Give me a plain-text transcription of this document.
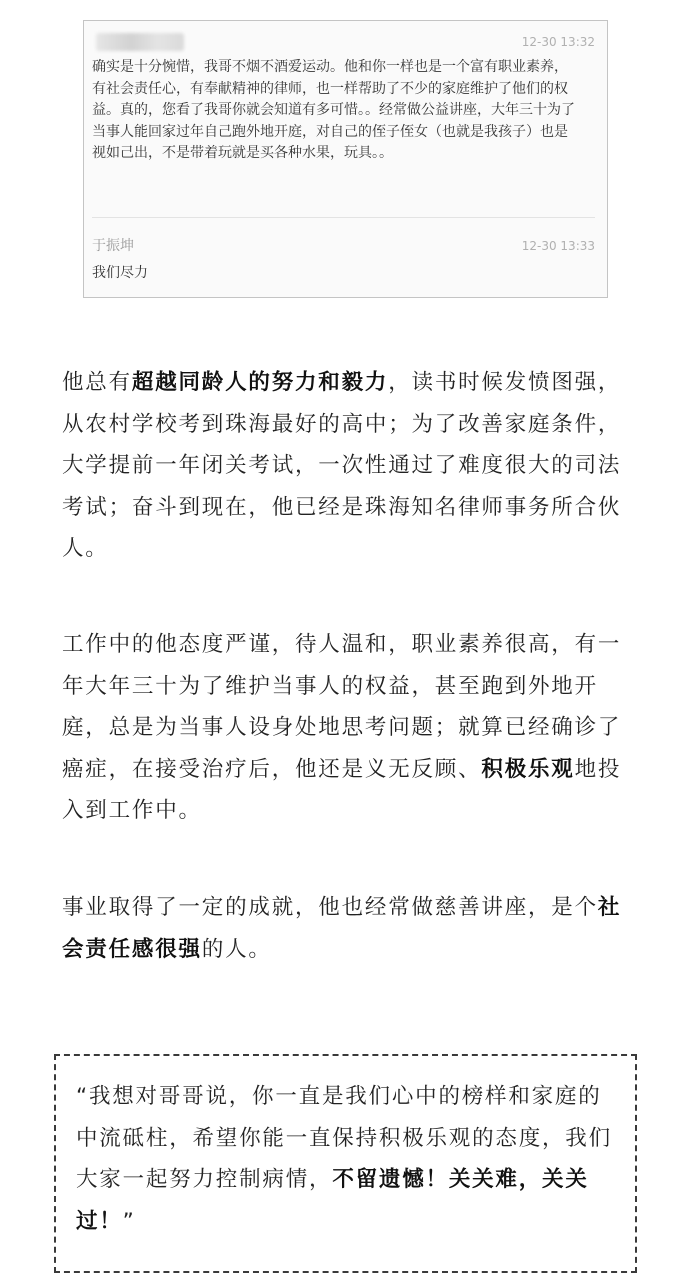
12-30 13:32
确实是十分惋惜，我哥不烟不酒爱运动。他和你一样也是一个富有职业素养，有社会责任心，有奉献精神的律师，也一样帮助了不少的家庭维护了他们的权益。真的，您看了我哥你就会知道有多可惜。。经常做公益讲座，大年三十为了当事人能回家过年自己跑外地开庭，对自己的侄子侄女（也就是我孩子）也是视如己出，不是带着玩就是买各种水果，玩具。。
于振坤	12-30 13:33
我们尽力

他总有超越同龄人的努力和毅力，读书时候发愤图强，从农村学校考到珠海最好的高中；为了改善家庭条件，大学提前一年闭关考试，一次性通过了难度很大的司法考试；奋斗到现在，他已经是珠海知名律师事务所合伙人。

工作中的他态度严谨，待人温和，职业素养很高，有一年大年三十为了维护当事人的权益，甚至跑到外地开庭，总是为当事人设身处地思考问题；就算已经确诊了癌症，在接受治疗后，他还是义无反顾、积极乐观地投入到工作中。

事业取得了一定的成就，他也经常做慈善讲座，是个社会责任感很强的人。

“我想对哥哥说，你一直是我们心中的榜样和家庭的中流砥柱，希望你能一直保持积极乐观的态度，我们大家一起努力控制病情，不留遗憾！关关难，关关过！”
